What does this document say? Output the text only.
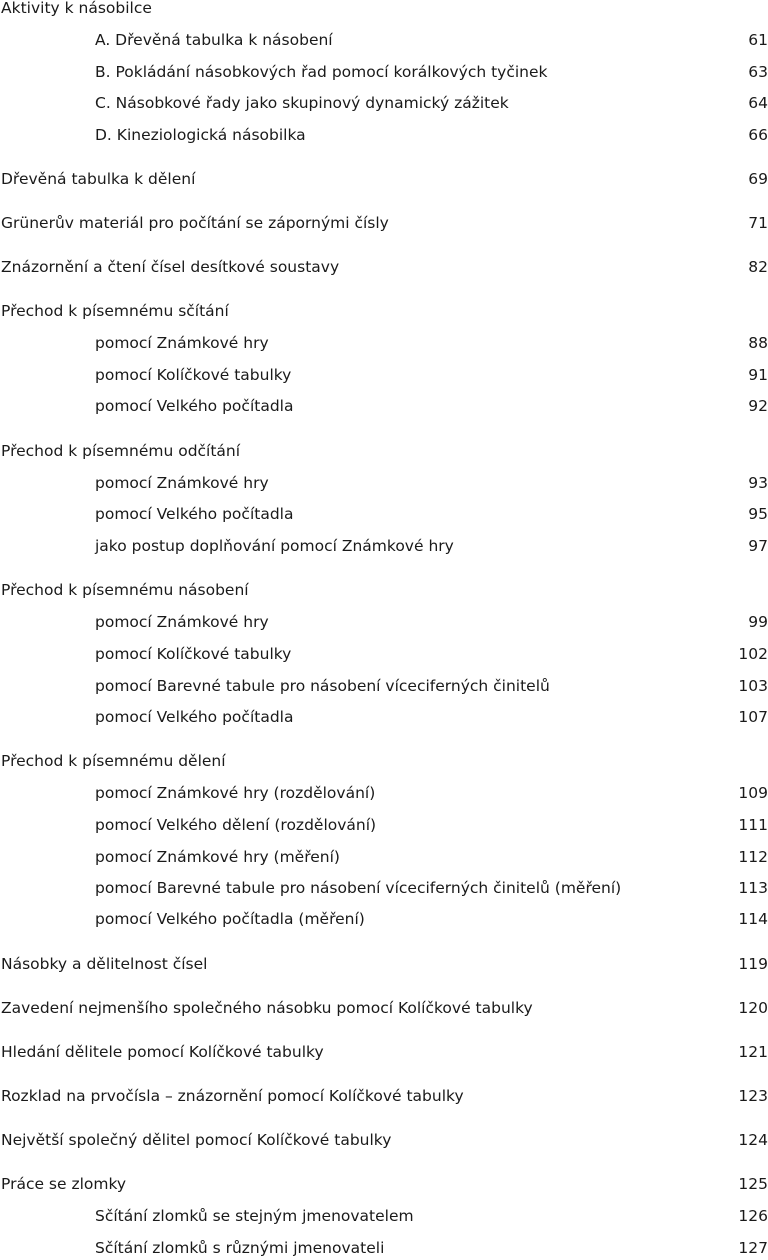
Aktivity k násobilce
A. Dřevěná tabulka k násobení	61
B. Pokládání násobkových řad pomocí korálkových tyčinek	63
C. Násobkové řady jako skupinový dynamický zážitek	64
D. Kineziologická násobilka	66
Dřevěná tabulka k dělení	69
Grünerův materiál pro počítání se zápornými čísly	71
Znázornění a čtení čísel desítkové soustavy	82
Přechod k písemnému sčítání
pomocí Známkové hry	88
pomocí Kolíčkové tabulky	91
pomocí Velkého počítadla	92
Přechod k písemnému odčítání
pomocí Známkové hry	93
pomocí Velkého počítadla	95
jako postup doplňování pomocí Známkové hry	97
Přechod k písemnému násobení
pomocí Známkové hry	99
pomocí Kolíčkové tabulky	102
pomocí Barevné tabule pro násobení víceciferných činitelů	103
pomocí Velkého počítadla	107
Přechod k písemnému dělení
pomocí Známkové hry (rozdělování)	109
pomocí Velkého dělení (rozdělování)	111
pomocí Známkové hry (měření)	112
pomocí Barevné tabule pro násobení víceciferných činitelů (měření)	113
pomocí Velkého počítadla (měření)	114
Násobky a dělitelnost čísel	119
Zavedení nejmenšího společného násobku pomocí Kolíčkové tabulky	120
Hledání dělitele pomocí Kolíčkové tabulky	121
Rozklad na prvočísla – znázornění pomocí Kolíčkové tabulky	123
Největší společný dělitel pomocí Kolíčkové tabulky	124
Práce se zlomky	125
Sčítání zlomků se stejným jmenovatelem	126
Sčítání zlomků s různými jmenovateli	127
